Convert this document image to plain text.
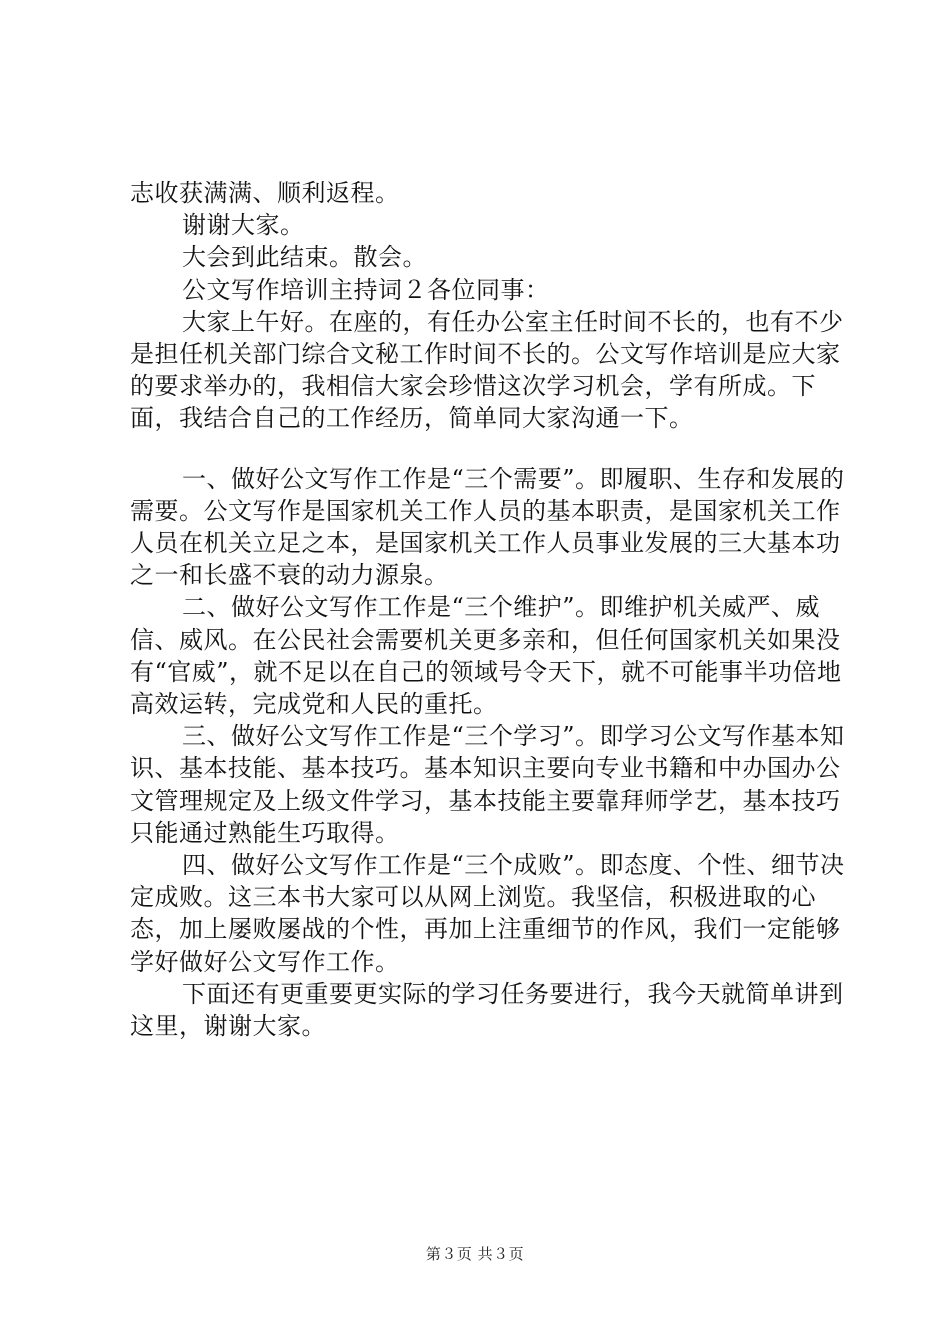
志收获满满、顺利返程。

谢谢大家。

大会到此结束。散会。

公文写作培训主持词２各位同事：

大家上午好。在座的，有任办公室主任时间不长的，也有不少是担任机关部门综合文秘工作时间不长的。公文写作培训是应大家的要求举办的，我相信大家会珍惜这次学习机会，学有所成。下面，我结合自己的工作经历，简单同大家沟通一下。

一、做好公文写作工作是“三个需要”。即履职、生存和发展的需要。公文写作是国家机关工作人员的基本职责，是国家机关工作人员在机关立足之本，是国家机关工作人员事业发展的三大基本功之一和长盛不衰的动力源泉。

二、做好公文写作工作是“三个维护”。即维护机关威严、威信、威风。在公民社会需要机关更多亲和，但任何国家机关如果没有“官威”，就不足以在自己的领域号令天下，就不可能事半功倍地高效运转，完成党和人民的重托。

三、做好公文写作工作是“三个学习”。即学习公文写作基本知识、基本技能、基本技巧。基本知识主要向专业书籍和中办国办公文管理规定及上级文件学习，基本技能主要靠拜师学艺，基本技巧只能通过熟能生巧取得。

四、做好公文写作工作是“三个成败”。即态度、个性、细节决定成败。这三本书大家可以从网上浏览。我坚信，积极进取的心态，加上屡败屡战的个性，再加上注重细节的作风，我们一定能够学好做好公文写作工作。

下面还有更重要更实际的学习任务要进行，我今天就简单讲到这里，谢谢大家。

第３页 共３页
